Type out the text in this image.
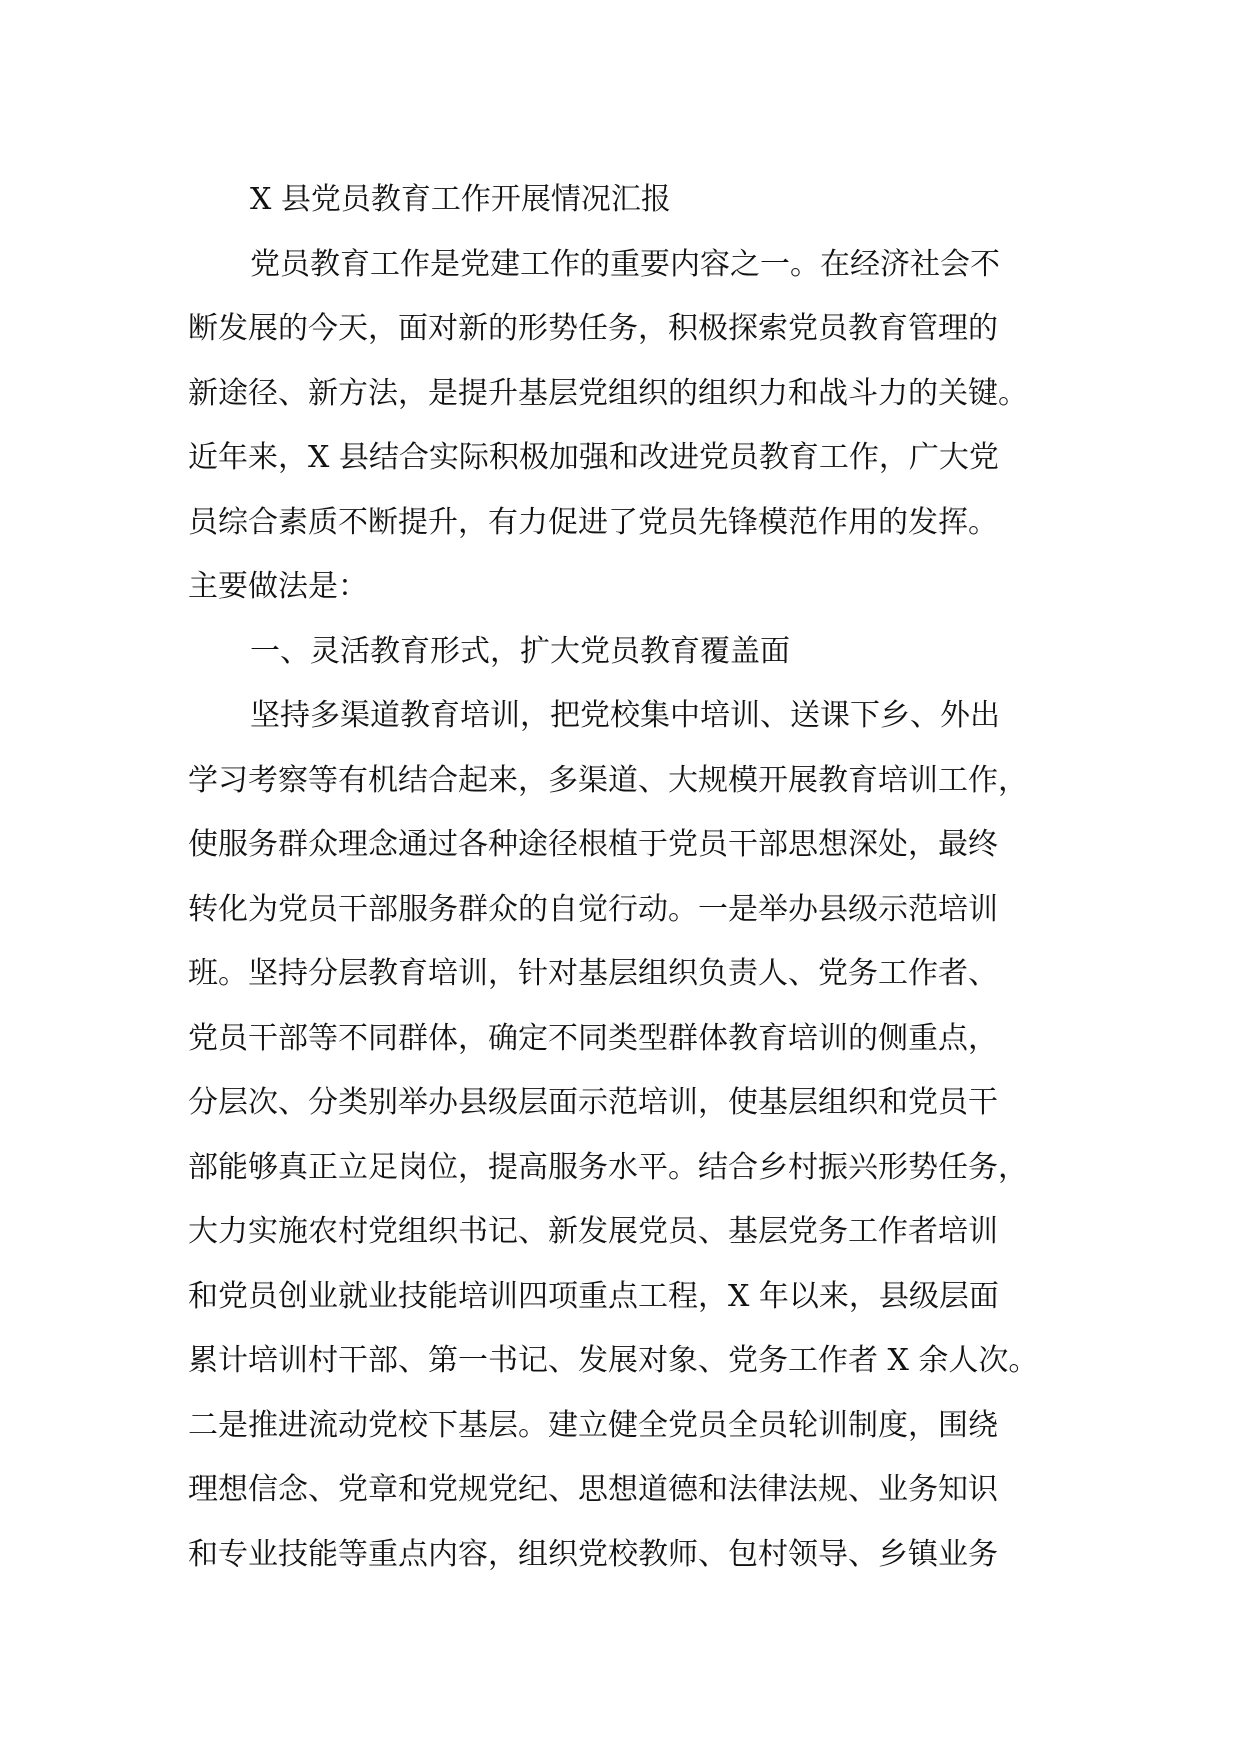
X 县党员教育工作开展情况汇报
党员教育工作是党建工作的重要内容之一。在经济社会不
断发展的今天，面对新的形势任务，积极探索党员教育管理的
新途径、新方法，是提升基层党组织的组织力和战斗力的关键。
近年来，X 县结合实际积极加强和改进党员教育工作，广大党
员综合素质不断提升，有力促进了党员先锋模范作用的发挥。
主要做法是：
一、灵活教育形式，扩大党员教育覆盖面
坚持多渠道教育培训，把党校集中培训、送课下乡、外出
学习考察等有机结合起来，多渠道、大规模开展教育培训工作，
使服务群众理念通过各种途径根植于党员干部思想深处，最终
转化为党员干部服务群众的自觉行动。一是举办县级示范培训
班。坚持分层教育培训，针对基层组织负责人、党务工作者、
党员干部等不同群体，确定不同类型群体教育培训的侧重点，
分层次、分类别举办县级层面示范培训，使基层组织和党员干
部能够真正立足岗位，提高服务水平。结合乡村振兴形势任务，
大力实施农村党组织书记、新发展党员、基层党务工作者培训
和党员创业就业技能培训四项重点工程，X 年以来，县级层面
累计培训村干部、第一书记、发展对象、党务工作者 X 余人次。
二是推进流动党校下基层。建立健全党员全员轮训制度，围绕
理想信念、党章和党规党纪、思想道德和法律法规、业务知识
和专业技能等重点内容，组织党校教师、包村领导、乡镇业务
